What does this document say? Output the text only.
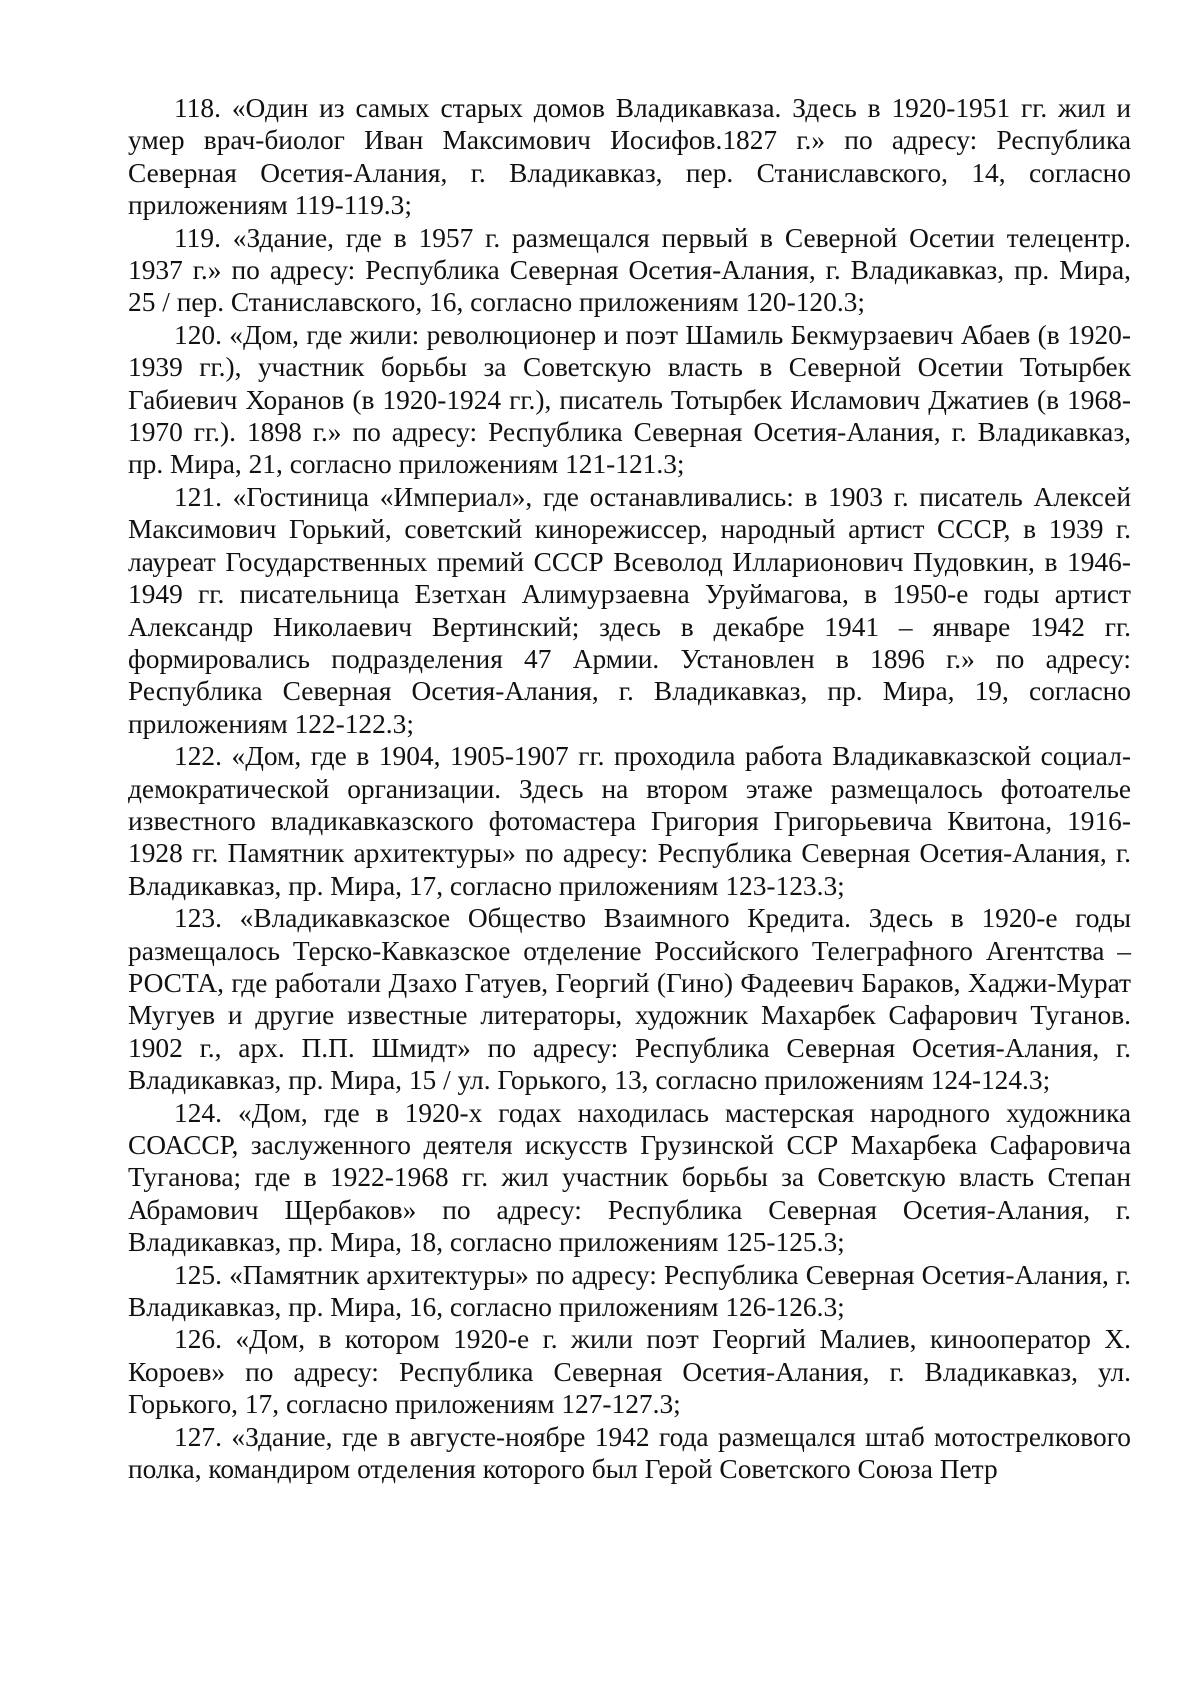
118. «Один из самых старых домов Владикавказа. Здесь в 1920-1951 гг. жил и умер врач-биолог Иван Максимович Иосифов.1827 г.» по адресу: Республика Северная Осетия-Алания, г. Владикавказ, пер. Станиславского, 14, согласно приложениям 119-119.3;

119. «Здание, где в 1957 г. размещался первый в Северной Осетии телецентр. 1937 г.» по адресу: Республика Северная Осетия-Алания, г. Владикавказ, пр. Мира, 25 / пер. Станиславского, 16, согласно приложениям 120-120.3;

120. «Дом, где жили: революционер и поэт Шамиль Бекмурзаевич Абаев (в 1920-1939 гг.), участник борьбы за Советскую власть в Северной Осетии Тотырбек Габиевич Хоранов (в 1920-1924 гг.), писатель Тотырбек Исламович Джатиев (в 1968-1970 гг.). 1898 г.» по адресу: Республика Северная Осетия-Алания, г. Владикавказ, пр. Мира, 21, согласно приложениям 121-121.3;

121. «Гостиница «Империал», где останавливались: в 1903 г. писатель Алексей Максимович Горький, советский кинорежиссер, народный артист СССР, в 1939 г. лауреат Государственных премий СССР Всеволод Илларионович Пудовкин, в 1946-1949 гг. писательница Езетхан Алимурзаевна Уруймагова, в 1950-е годы артист Александр Николаевич Вертинский; здесь в декабре 1941 – январе 1942 гг. формировались подразделения 47 Армии. Установлен в 1896 г.» по адресу: Республика Северная Осетия-Алания, г. Владикавказ, пр. Мира, 19, согласно приложениям 122-122.3;

122. «Дом, где в 1904, 1905-1907 гг. проходила работа Владикавказской социал-демократической организации. Здесь на втором этаже размещалось фотоателье известного владикавказского фотомастера Григория Григорьевича Квитона, 1916-1928 гг. Памятник архитектуры» по адресу: Республика Северная Осетия-Алания, г. Владикавказ, пр. Мира, 17, согласно приложениям 123-123.3;

123. «Владикавказское Общество Взаимного Кредита. Здесь в 1920-е годы размещалось Терско-Кавказское отделение Российского Телеграфного Агентства – РОСТА, где работали Дзахо Гатуев, Георгий (Гино) Фадеевич Бараков, Хаджи-Мурат Мугуев и другие известные литераторы, художник Махарбек Сафарович Туганов. 1902 г., арх. П.П. Шмидт» по адресу: Республика Северная Осетия-Алания, г. Владикавказ, пр. Мира, 15 / ул. Горького, 13, согласно приложениям 124-124.3;

124. «Дом, где в 1920-х годах находилась мастерская народного художника СОАССР, заслуженного деятеля искусств Грузинской ССР Махарбека Сафаровича Туганова; где в 1922-1968 гг. жил участник борьбы за Советскую власть Степан Абрамович Щербаков» по адресу: Республика Северная Осетия-Алания, г. Владикавказ, пр. Мира, 18, согласно приложениям 125-125.3;

125. «Памятник архитектуры» по адресу: Республика Северная Осетия-Алания, г. Владикавказ, пр. Мира, 16, согласно приложениям 126-126.3;

126. «Дом, в котором 1920-е г. жили поэт Георгий Малиев, кинооператор Х. Короев» по адресу: Республика Северная Осетия-Алания, г. Владикавказ, ул. Горького, 17, согласно приложениям 127-127.3;

127. «Здание, где в августе-ноябре 1942 года размещался штаб мотострелкового полка, командиром отделения которого был Герой Советского Союза Петр
